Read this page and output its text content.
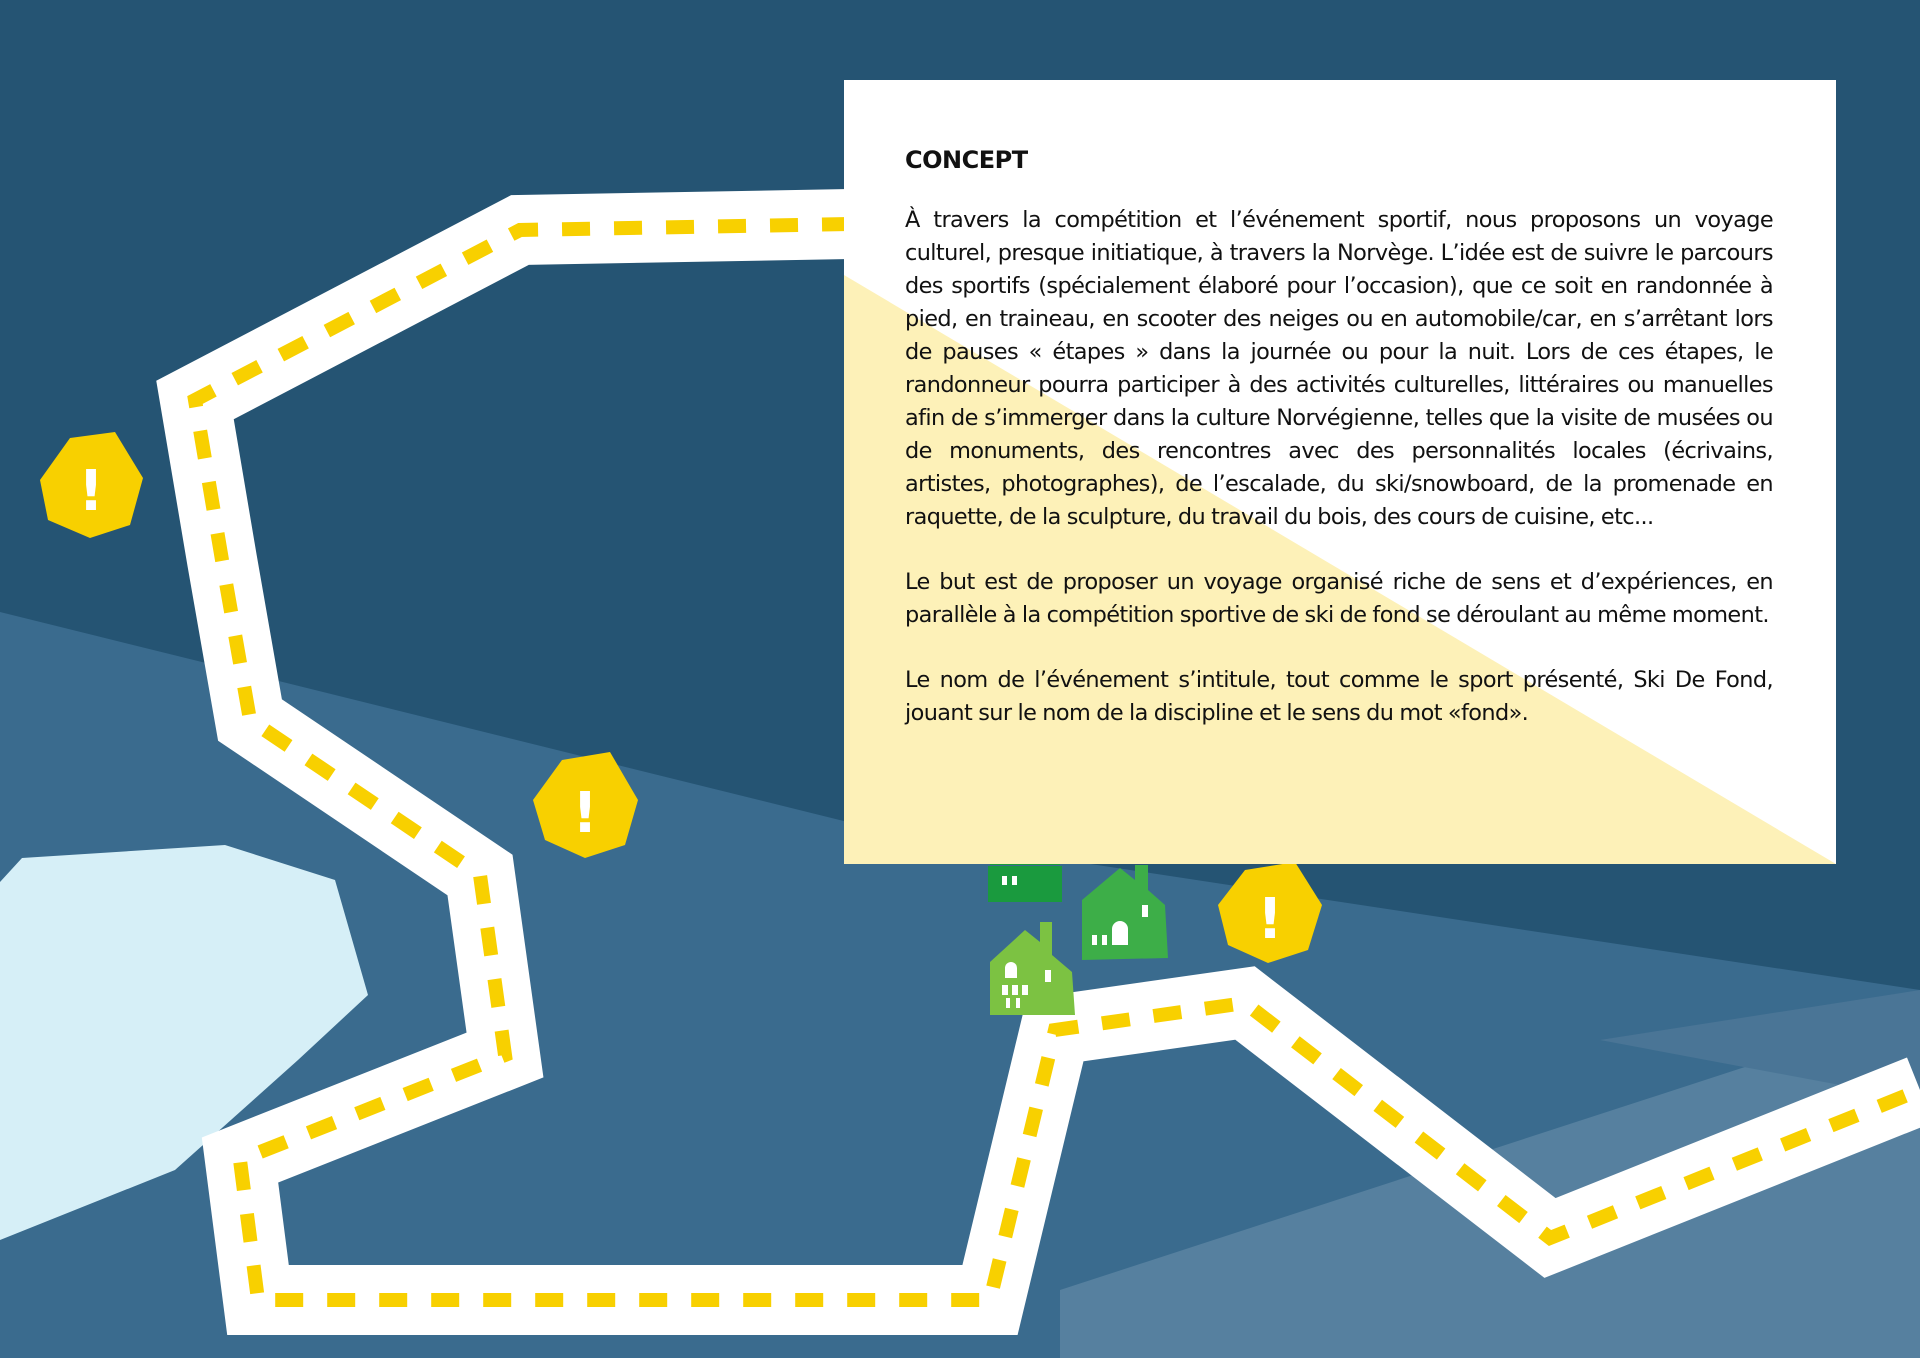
!
!
!
CONCEPT

À travers la compétition et l’événement sportif, nous proposons un voyage culturel, presque initiatique, à travers la Norvège. L’idée est de suivre le parcours des sportifs (spécialement élaboré pour l’occasion), que ce soit en randonnée à pied, en traineau, en scooter des neiges ou en automobile/car, en s’arrêtant lors de pauses « étapes » dans la journée ou pour la nuit. Lors de ces étapes, le randonneur pourra participer à des activités culturelles, littéraires ou manuelles afin de s’immerger dans la culture Norvégienne, telles que la visite de musées ou de monuments, des rencontres avec des personnalités locales (écrivains, artistes, photographes), de l’escalade, du ski/snowboard, de la promenade en raquette, de la sculpture, du travail du bois, des cours de cuisine, etc...

Le but est de proposer un voyage organisé riche de sens et d’expériences, en parallèle à la compétition sportive de ski de fond se déroulant au même moment.

Le nom de l’événement s’intitule, tout comme le sport présenté, Ski De Fond, jouant sur le nom de la discipline et le sens du mot «fond».
